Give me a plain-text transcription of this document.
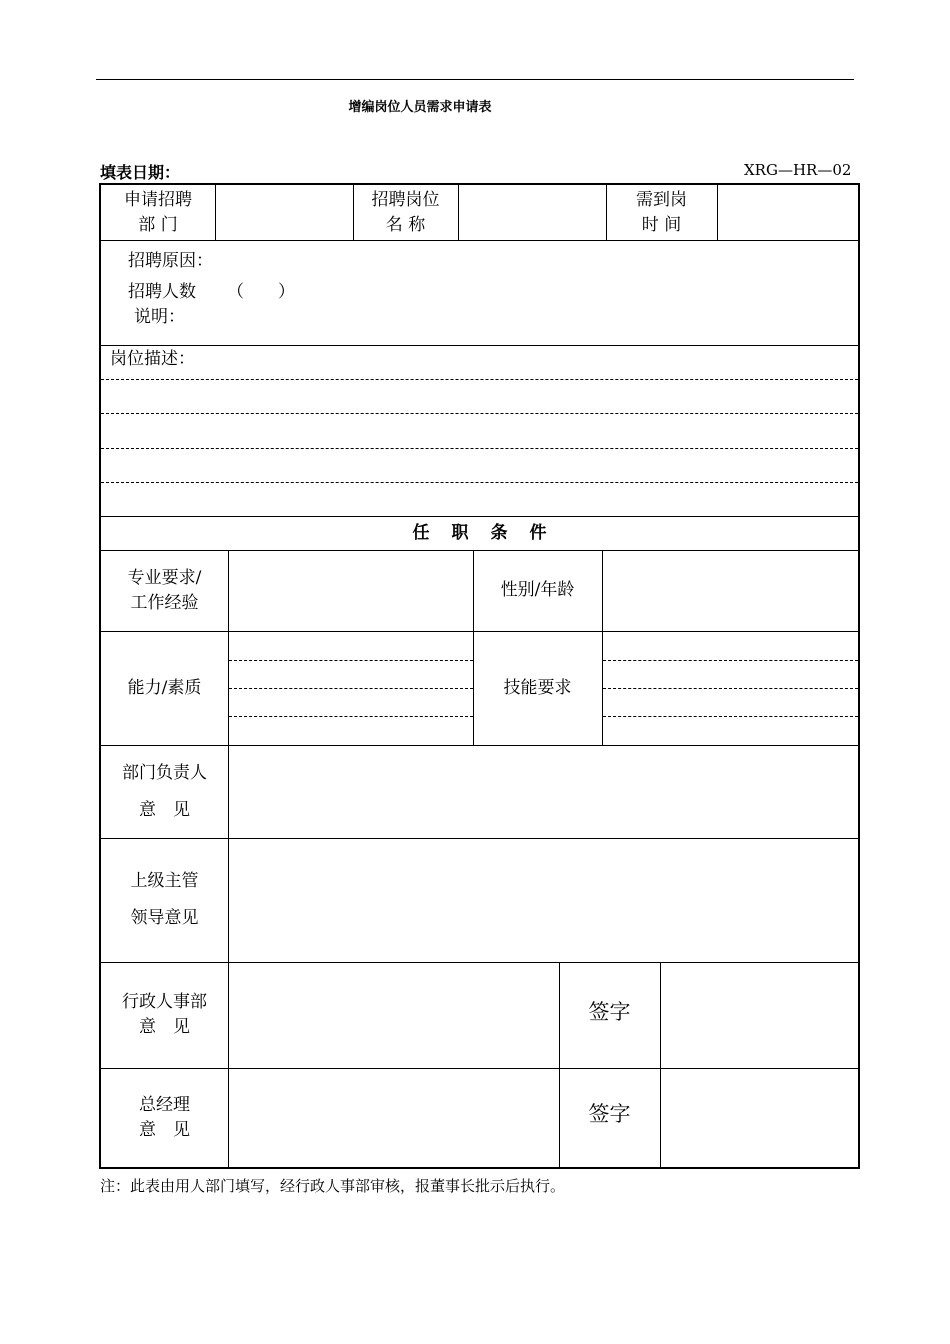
增编岗位人员需求申请表
填表日期：	XRG—HR—02
申请招聘
部 门
招聘岗位
名 称
需到岗
时 间
招聘原因：
招聘人数 （　　）
说明：
岗位描述：
任职条件
专业要求/
工作经验
性别/年龄
能力/素质	技能要求
部门负责人
意　见
上级主管
领导意见
行政人事部
意　见
签字
总经理
意　见
签字
注：此表由用人部门填写，经行政人事部审核，报董事长批示后执行。
